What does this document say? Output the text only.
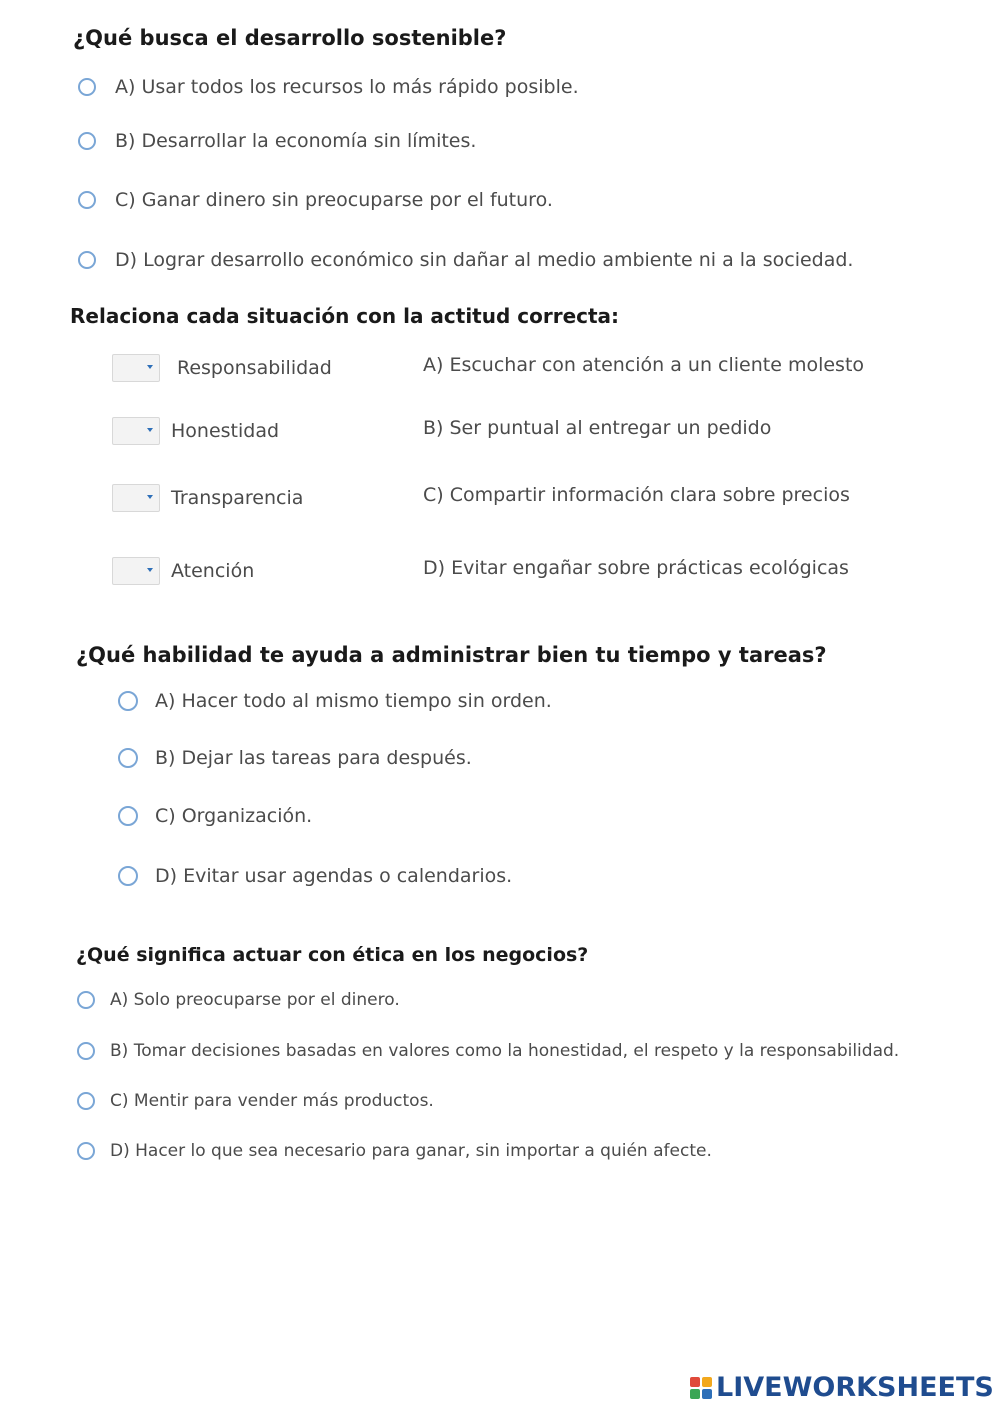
¿Qué busca el desarrollo sostenible?
A) Usar todos los recursos lo más rápido posible.
B) Desarrollar la economía sin límites.
C) Ganar dinero sin preocuparse por el futuro.
D) Lograr desarrollo económico sin dañar al medio ambiente ni a la sociedad.
Relaciona cada situación con la actitud correcta:
Responsabilidad	A) Escuchar con atención a un cliente molesto
Honestidad	B) Ser puntual al entregar un pedido
Transparencia	C) Compartir información clara sobre precios
Atención	D) Evitar engañar sobre prácticas ecológicas
¿Qué habilidad te ayuda a administrar bien tu tiempo y tareas?
A) Hacer todo al mismo tiempo sin orden.
B) Dejar las tareas para después.
C) Organización.
D) Evitar usar agendas o calendarios.
¿Qué significa actuar con ética en los negocios?
A) Solo preocuparse por el dinero.
B) Tomar decisiones basadas en valores como la honestidad, el respeto y la responsabilidad.
C) Mentir para vender más productos.
D) Hacer lo que sea necesario para ganar, sin importar a quién afecte.
LIVEWORKSHEETS
